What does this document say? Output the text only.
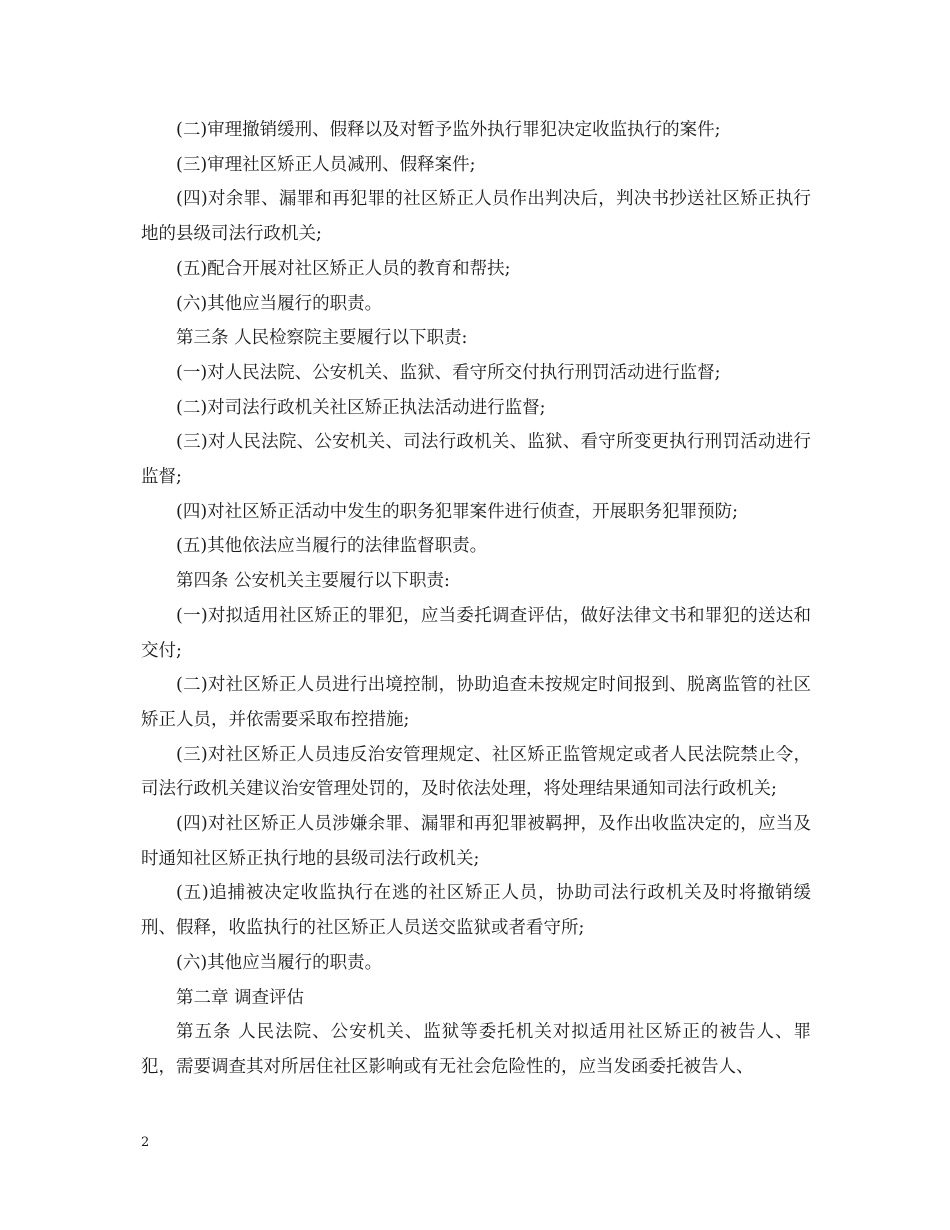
(二)审理撤销缓刑、假释以及对暂予监外执行罪犯决定收监执行的案件;

(三)审理社区矫正人员减刑、假释案件;

(四)对余罪、漏罪和再犯罪的社区矫正人员作出判决后，判决书抄送社区矫正执行地的县级司法行政机关;

(五)配合开展对社区矫正人员的教育和帮扶;

(六)其他应当履行的职责。

第三条 人民检察院主要履行以下职责:

(一)对人民法院、公安机关、监狱、看守所交付执行刑罚活动进行监督;

(二)对司法行政机关社区矫正执法活动进行监督;

(三)对人民法院、公安机关、司法行政机关、监狱、看守所变更执行刑罚活动进行监督;

(四)对社区矫正活动中发生的职务犯罪案件进行侦查，开展职务犯罪预防;

(五)其他依法应当履行的法律监督职责。

第四条 公安机关主要履行以下职责:

(一)对拟适用社区矫正的罪犯，应当委托调查评估，做好法律文书和罪犯的送达和交付;

(二)对社区矫正人员进行出境控制，协助追查未按规定时间报到、脱离监管的社区矫正人员，并依需要采取布控措施;

(三)对社区矫正人员违反治安管理规定、社区矫正监管规定或者人民法院禁止令，司法行政机关建议治安管理处罚的，及时依法处理，将处理结果通知司法行政机关;

(四)对社区矫正人员涉嫌余罪、漏罪和再犯罪被羁押，及作出收监决定的，应当及时通知社区矫正执行地的县级司法行政机关;

(五)追捕被决定收监执行在逃的社区矫正人员，协助司法行政机关及时将撤销缓刑、假释，收监执行的社区矫正人员送交监狱或者看守所;

(六)其他应当履行的职责。

第二章 调查评估

第五条 人民法院、公安机关、监狱等委托机关对拟适用社区矫正的被告人、罪犯，需要调查其对所居住社区影响或有无社会危险性的，应当发函委托被告人、

2
